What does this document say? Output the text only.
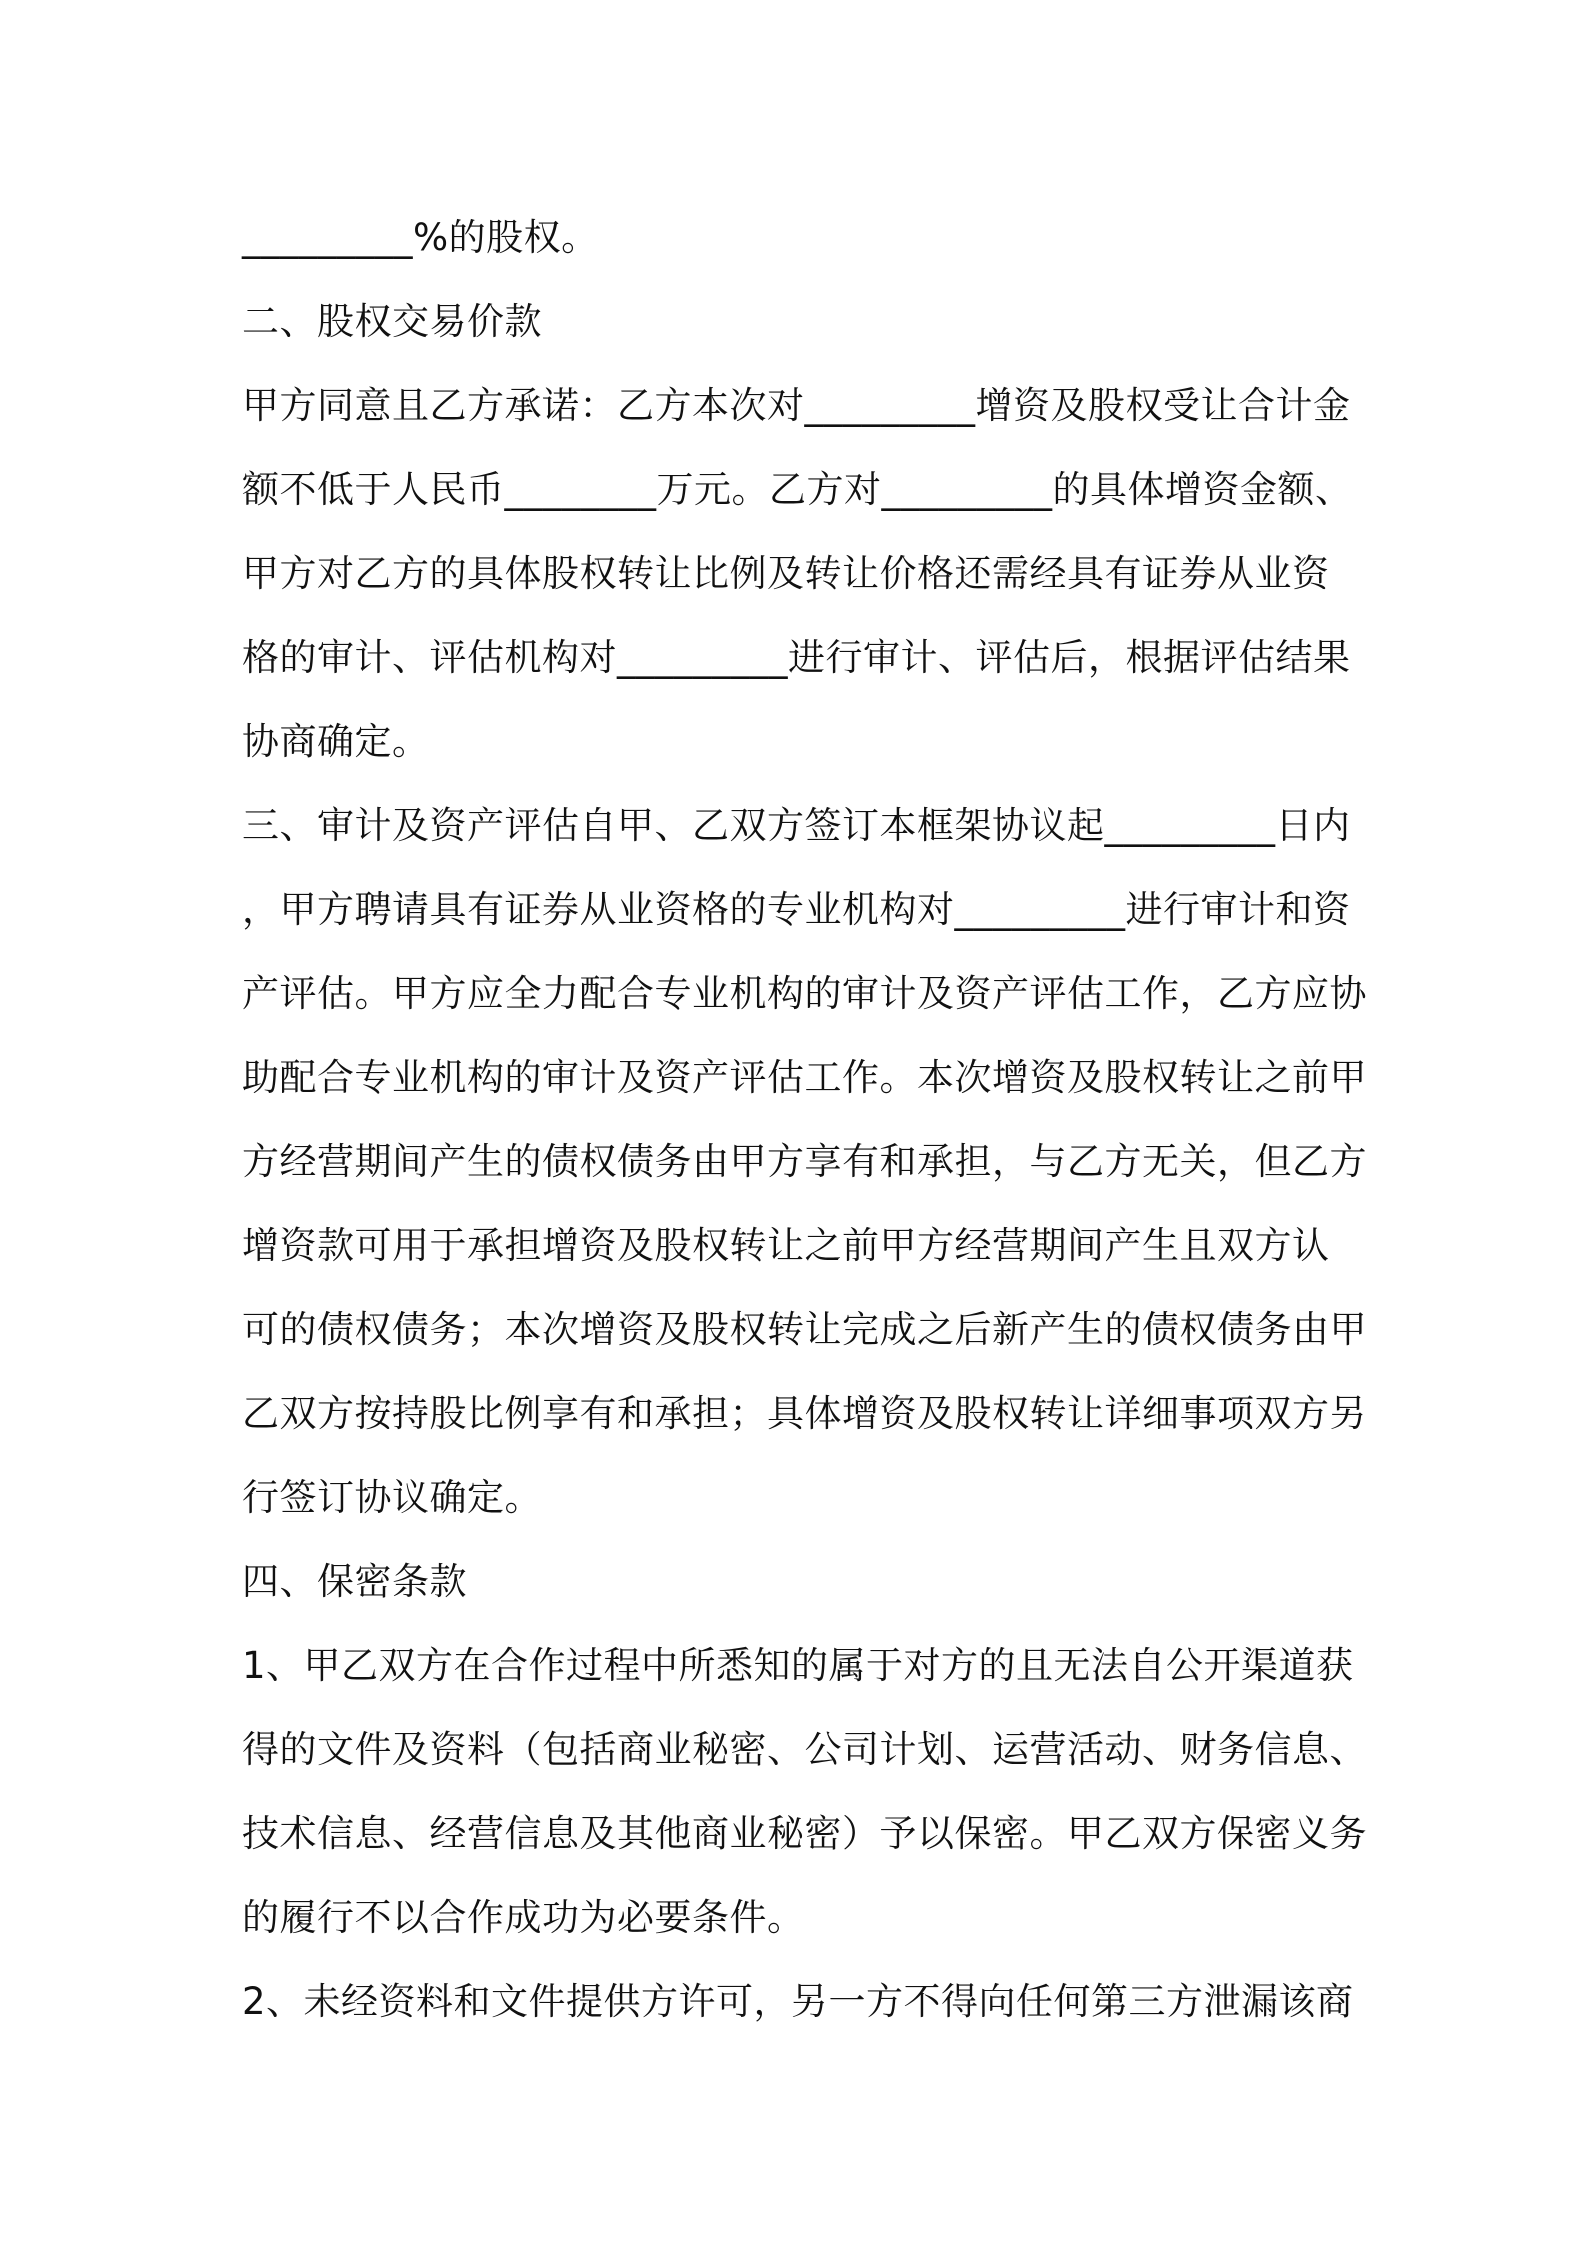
_________%的股权。
二、股权交易价款
甲方同意且乙方承诺：乙方本次对_________增资及股权受让合计金
额不低于人民币________万元。乙方对_________的具体增资金额、
甲方对乙方的具体股权转让比例及转让价格还需经具有证券从业资
格的审计、评估机构对_________进行审计、评估后，根据评估结果
协商确定。
三、审计及资产评估自甲、乙双方签订本框架协议起_________日内
，甲方聘请具有证券从业资格的专业机构对_________进行审计和资
产评估。甲方应全力配合专业机构的审计及资产评估工作，乙方应协
助配合专业机构的审计及资产评估工作。本次增资及股权转让之前甲
方经营期间产生的债权债务由甲方享有和承担，与乙方无关，但乙方
增资款可用于承担增资及股权转让之前甲方经营期间产生且双方认
可的债权债务；本次增资及股权转让完成之后新产生的债权债务由甲
乙双方按持股比例享有和承担；具体增资及股权转让详细事项双方另
行签订协议确定。
四、保密条款
1、甲乙双方在合作过程中所悉知的属于对方的且无法自公开渠道获
得的文件及资料（包括商业秘密、公司计划、运营活动、财务信息、
技术信息、经营信息及其他商业秘密）予以保密。甲乙双方保密义务
的履行不以合作成功为必要条件。
2、未经资料和文件提供方许可，另一方不得向任何第三方泄漏该商
